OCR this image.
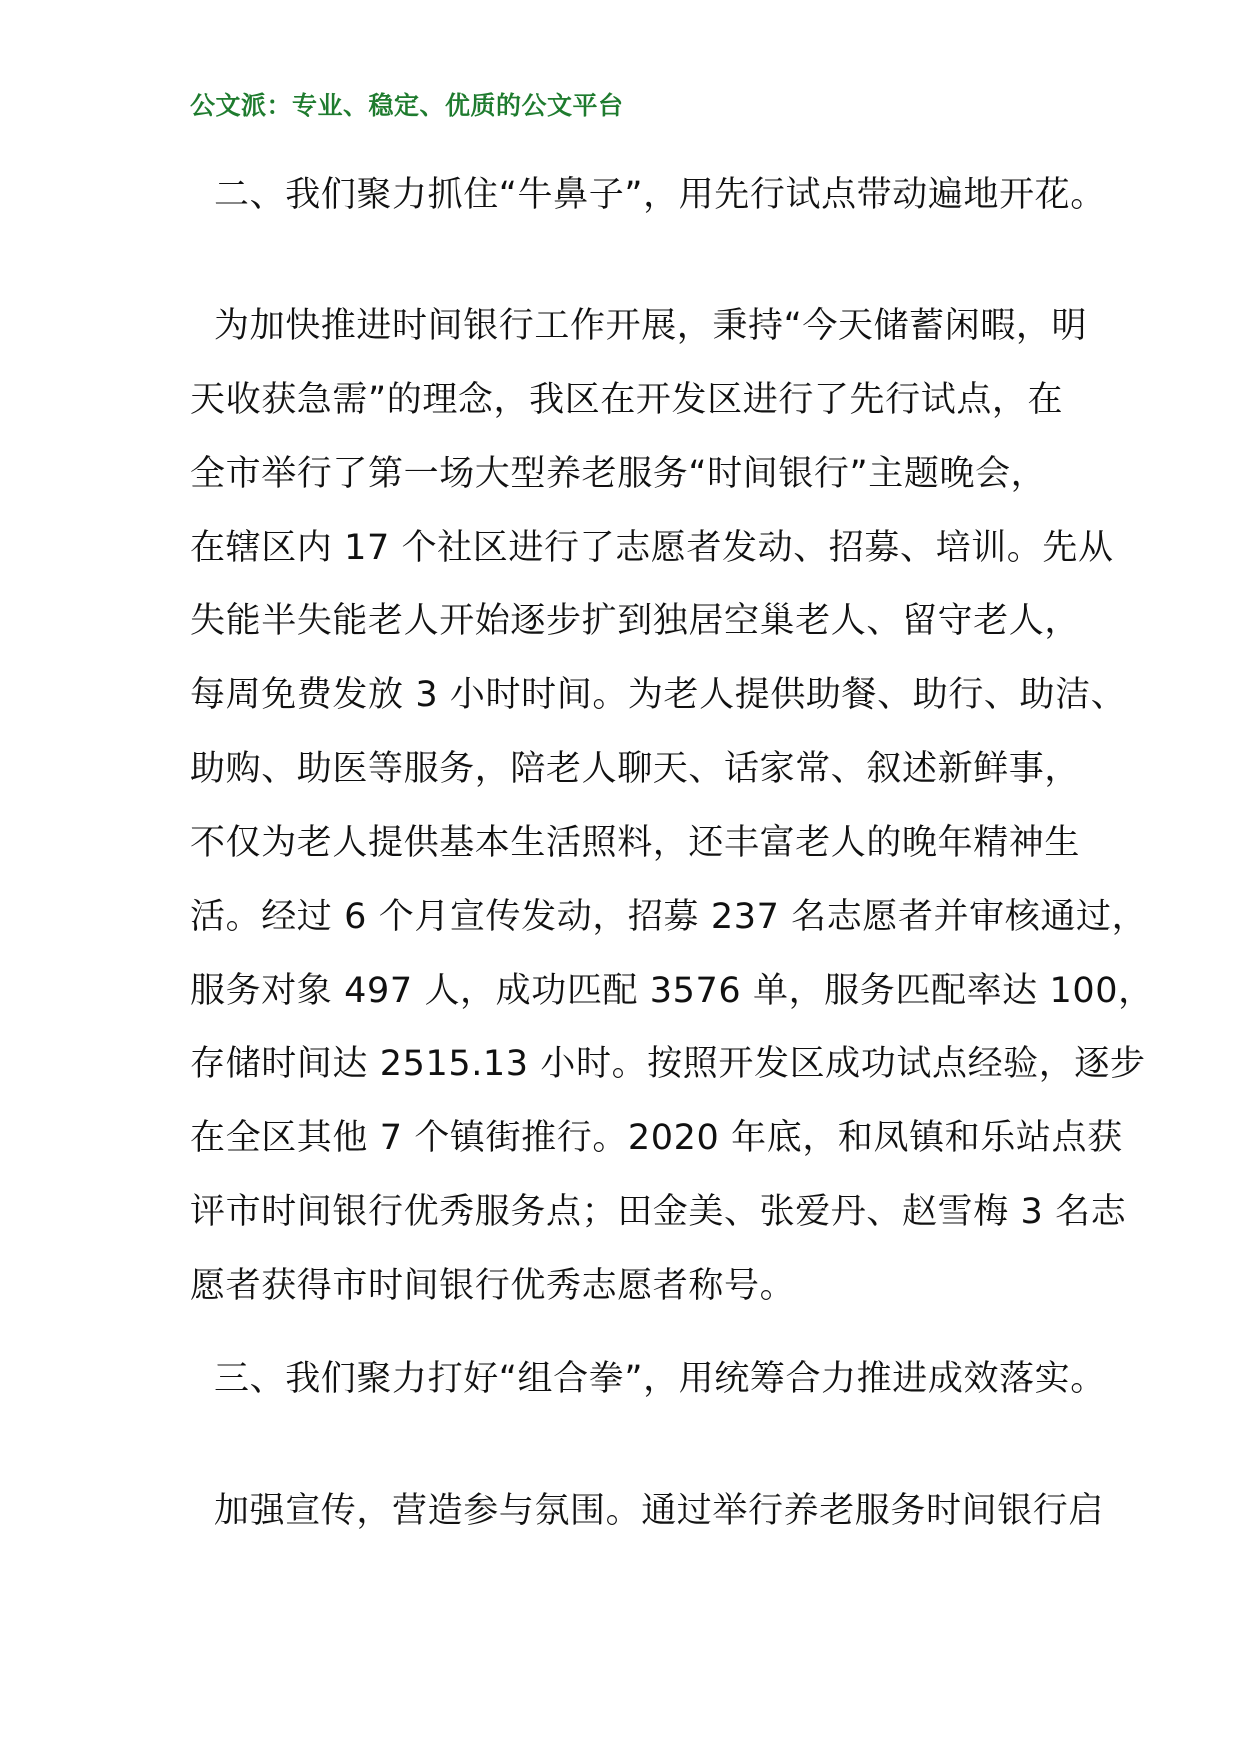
公文派：专业、稳定、优质的公文平台
二、我们聚力抓住“牛鼻子”，用先行试点带动遍地开花。
为加快推进时间银行工作开展，秉持“今天储蓄闲暇，明
天收获急需”的理念，我区在开发区进行了先行试点，在
全市举行了第一场大型养老服务“时间银行”主题晚会，
在辖区内 17 个社区进行了志愿者发动、招募、培训。先从
失能半失能老人开始逐步扩到独居空巢老人、留守老人，
每周免费发放 3 小时时间。为老人提供助餐、助行、助洁、
助购、助医等服务，陪老人聊天、话家常、叙述新鲜事，
不仅为老人提供基本生活照料，还丰富老人的晚年精神生
活。经过 6 个月宣传发动，招募 237 名志愿者并审核通过，
服务对象 497 人，成功匹配 3576 单，服务匹配率达 100，
存储时间达 2515.13 小时。按照开发区成功试点经验，逐步
在全区其他 7 个镇街推行。2020 年底，和凤镇和乐站点获
评市时间银行优秀服务点；田金美、张爱丹、赵雪梅 3 名志
愿者获得市时间银行优秀志愿者称号。
三、我们聚力打好“组合拳”，用统筹合力推进成效落实。
加强宣传，营造参与氛围。通过举行养老服务时间银行启
